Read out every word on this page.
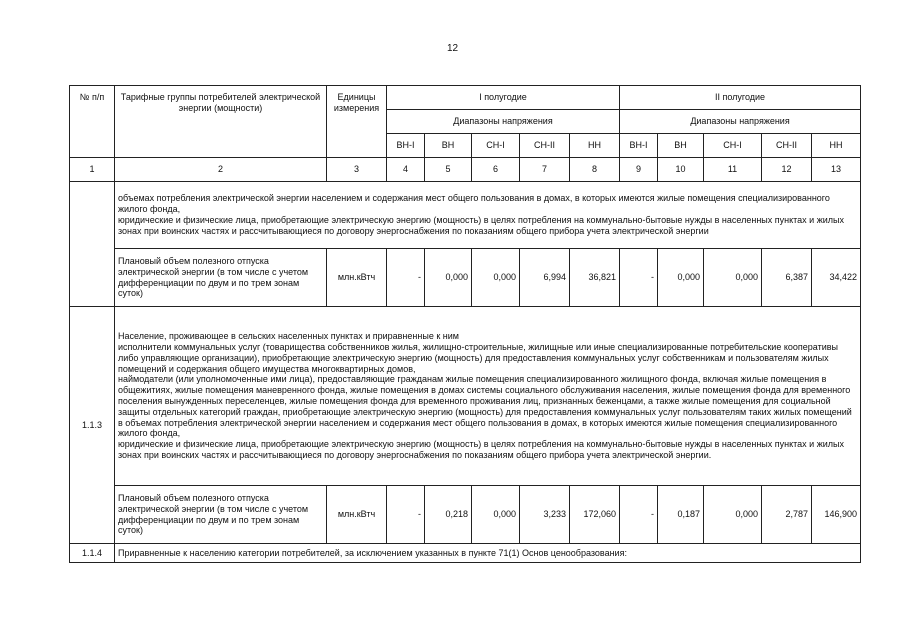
12
№ п/п	Тарифные группы потребителей электрической энергии (мощности)	Единицы измерения	I полугодие					II полугодие				
			Диапазоны напряжения					Диапазоны напряжения				
			ВН-I	ВН	СН-I	СН-II	НН	ВН-I	ВН	СН-I	СН-II	НН
1	2	3	4	5	6	7	8	9	10	11	12	13

	объемах потребления электрической энергии населением и содержания мест общего пользования в домах, в которых имеются жилые помещения специализированного жилого фонда,
юридические и физические лица, приобретающие электрическую энергию (мощность) в целях потребления на коммунально-бытовые нужды в населенных пунктах и жилых зонах при воинских частях и рассчитывающиеся по договору энергоснабжения по показаниям общего прибора учета электрической энергии											

	Плановый объем полезного отпуска электрической энергии (в том числе с учетом дифференциации по двум и по трем зонам суток)	млн.кВтч	-	0,000	0,000	6,994	36,821	-	0,000	0,000	6,387	34,422
1.1.3	Население, проживающее в сельских населенных пунктах и приравненные к ним
исполнители коммунальных услуг (товарищества собственников жилья, жилищно-строительные, жилищные или иные специализированные потребительские кооперативы либо управляющие организации), приобретающие электрическую энергию (мощность) для предоставления коммунальных услуг собственникам и пользователям жилых помещений и содержания общего имущества многоквартирных домов,
наймодатели (или уполномоченные ими лица), предоставляющие гражданам жилые помещения специализированного жилищного фонда, включая жилые помещения в общежитиях, жилые помещения маневренного фонда, жилые помещения в домах системы социального обслуживания населения, жилые помещения фонда для временного поселения вынужденных переселенцев, жилые помещения фонда для временного проживания лиц, признанных беженцами, а также жилые помещения для социальной защиты отдельных категорий граждан, приобретающие электрическую энергию (мощность) для предоставления коммунальных услуг пользователям таких жилых помещений в объемах потребления электрической энергии населением и содержания мест общего пользования в домах, в которых имеются жилые помещения специализированного жилого фонда,
юридические и физические лица, приобретающие электрическую энергию (мощность) в целях потребления на коммунально-бытовые нужды в населенных пунктах и жилых зонах при воинских частях и рассчитывающиеся по договору энергоснабжения по показаниям общего прибора учета электрической энергии.											

	Плановый объем полезного отпуска электрической энергии (в том числе с учетом дифференциации по двум и по трем зонам суток)	млн.кВтч	-	0,218	0,000	3,233	172,060	-	0,187	0,000	2,787	146,900
1.1.4	Приравненные к населению категории потребителей, за исключением указанных в пункте 71(1) Основ ценообразования:											
